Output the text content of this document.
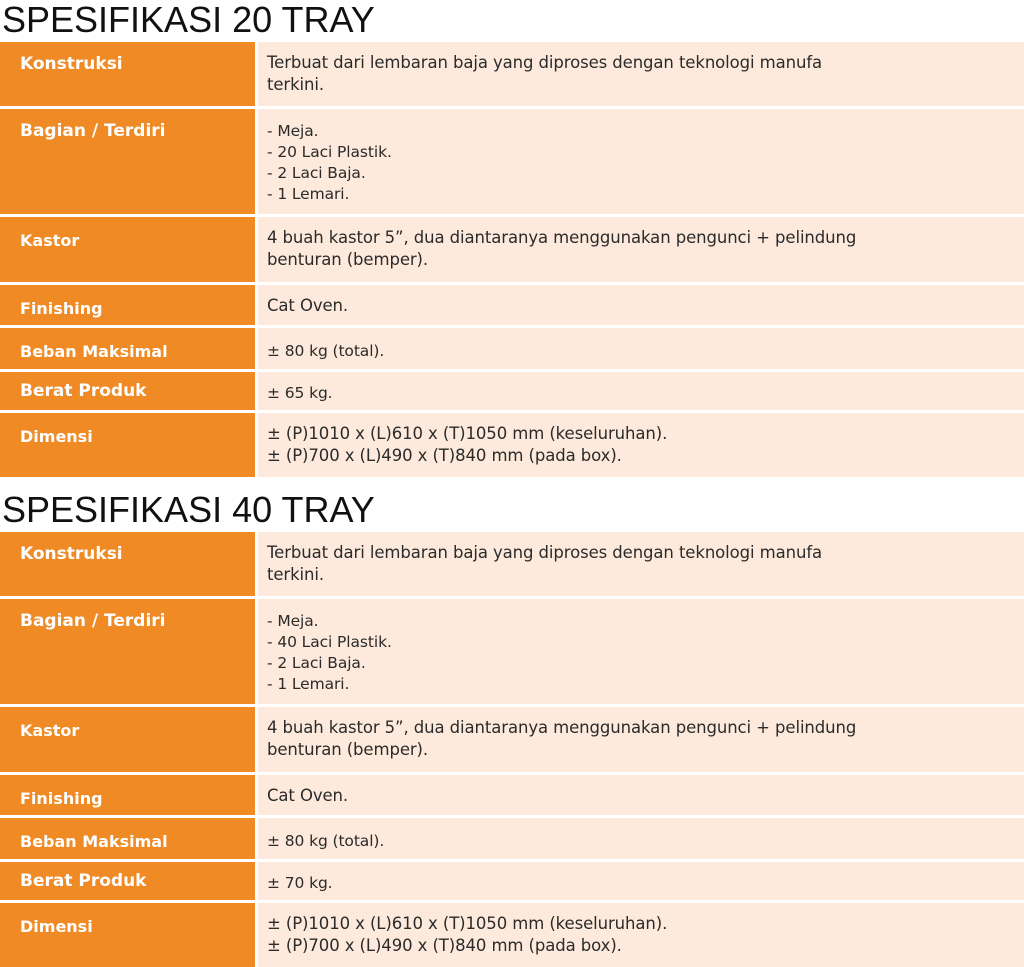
SPESIFIKASI 20 TRAY
Konstruksi	Terbuat dari lembaran baja yang diproses dengan teknologi manufa
terkini.
Bagian / Terdiri	- Meja.
- 20 Laci Plastik.
- 2 Laci Baja.
- 1 Lemari.
Kastor	4 buah kastor 5”, dua diantaranya menggunakan pengunci + pelindung
benturan (bemper).
Finishing	Cat Oven.
Beban Maksimal	± 80 kg (total).
Berat Produk	± 65 kg.
Dimensi	± (P)1010 x (L)610 x (T)1050 mm (keseluruhan).
± (P)700 x (L)490 x (T)840 mm (pada box).
SPESIFIKASI 40 TRAY
Konstruksi	Terbuat dari lembaran baja yang diproses dengan teknologi manufa
terkini.
Bagian / Terdiri	- Meja.
- 40 Laci Plastik.
- 2 Laci Baja.
- 1 Lemari.
Kastor	4 buah kastor 5”, dua diantaranya menggunakan pengunci + pelindung
benturan (bemper).
Finishing	Cat Oven.
Beban Maksimal	± 80 kg (total).
Berat Produk	± 70 kg.
Dimensi	± (P)1010 x (L)610 x (T)1050 mm (keseluruhan).
± (P)700 x (L)490 x (T)840 mm (pada box).
